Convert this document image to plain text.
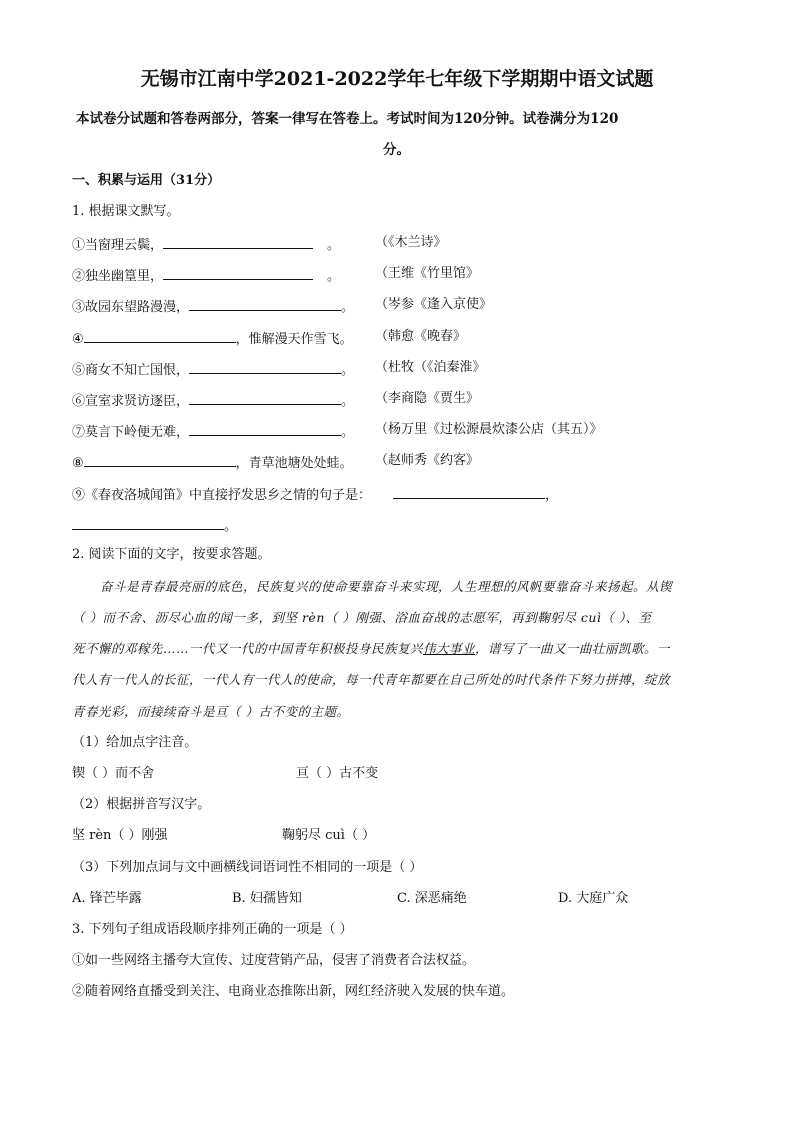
无锡市江南中学2021-2022学年七年级下学期期中语文试题
本试卷分试题和答卷两部分，答案一律写在答卷上。考试时间为120分钟。试卷满分为120
分。
一、积累与运用（31分）
1. 根据课文默写。
①当窗理云鬓，	。	（《木兰诗》
②独坐幽篁里，	。	（王维《竹里馆》
③故园东望路漫漫，	。 （岑参《逢入京使》
④	，惟解漫天作雪飞。 （韩愈《晚春》
⑤商女不知亡国恨，	。 （杜牧（《泊秦淮》
⑥宣室求贤访逐臣，	。 （李商隐《贾生》
⑦莫言下岭便无难，	。 （杨万里《过松源晨炊漆公店（其五）》
⑧	，青草池塘处处蛙。 （赵师秀《约客》
⑨《春夜洛城闻笛》中直接抒发思乡之情的句子是：	，
。
2. 阅读下面的文字，按要求答题。
奋斗是青春最亮丽的底色，民族复兴的使命要靠奋斗来实现，人生理想的风帆要靠奋斗来扬起。从锲
（ ）而不舍、沥尽心血的闻一多，到坚 rèn（ ）刚强、浴血奋战的志愿军，再到鞠躬尽 cuì（ ）、至
死不懈的邓稼先……一代又一代的中国青年积极投身民族复兴伟大事业，谱写了一曲又一曲壮丽凯歌。一
代人有一代人的长征，一代人有一代人的使命，每一代青年都要在自己所处的时代条件下努力拼搏，绽放
青春光彩，而接续奋斗是亘（ ）古不变的主题。
（1）给加点字注音。
锲（ ）而不舍	亘（ ）古不变
（2）根据拼音写汉字。
坚 rèn（ ）刚强	鞠躬尽 cuì（ ）
（3）下列加点词与文中画横线词语词性不相同的一项是（ ）
A. 锋芒毕露	B. 妇孺皆知	C. 深恶痛绝	D. 大庭广众
3. 下列句子组成语段顺序排列正确的一项是（ ）
①如一些网络主播夸大宣传、过度营销产品，侵害了消费者合法权益。
②随着网络直播受到关注、电商业态推陈出新，网红经济驶入发展的快车道。
